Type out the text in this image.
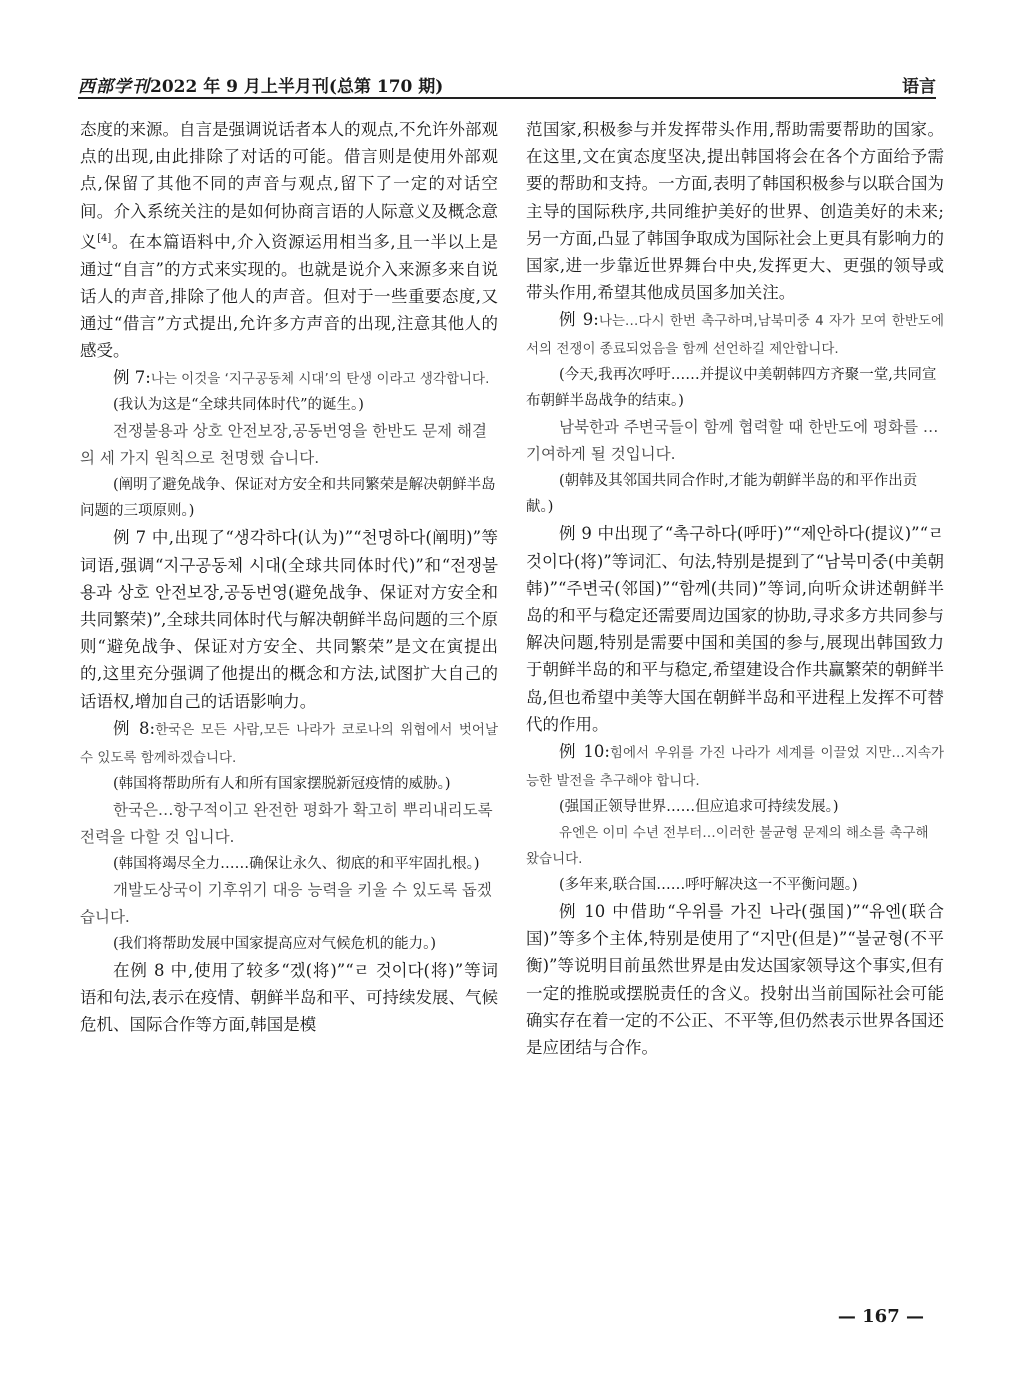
西部学刊2022 年 9 月上半月刊(总第 170 期)	语言

态度的来源。自言是强调说话者本人的观点,不允许外部观点的出现,由此排除了对话的可能。借言则是使用外部观点,保留了其他不同的声音与观点,留下了一定的对话空间。介入系统关注的是如何协商言语的人际意义及概念意义[4]。在本篇语料中,介入资源运用相当多,且一半以上是通过“自言”的方式来实现的。也就是说介入来源多来自说话人的声音,排除了他人的声音。但对于一些重要态度,又通过“借言”方式提出,允许多方声音的出现,注意其他人的感受。

例 7:나는 이것을 ‘지구공동체 시대’의 탄생 이라고 생각합니다.

(我认为这是“全球共同体时代”的诞生。)

전쟁불용과 상호 안전보장,공동번영을 한반도 문제 해결의 세 가지 원칙으로 천명했 습니다.

(阐明了避免战争、保证对方安全和共同繁荣是解决朝鲜半岛问题的三项原则。)

例 7 中,出现了“생각하다(认为)”“천명하다(阐明)”等词语,强调“지구공동체 시대(全球共同体时代)”和“전쟁불용과 상호 안전보장,공동번영(避免战争、保证对方安全和共同繁荣)”,全球共同体时代与解决朝鲜半岛问题的三个原则“避免战争、保证对方安全、共同繁荣”是文在寅提出的,这里充分强调了他提出的概念和方法,试图扩大自己的话语权,增加自己的话语影响力。

例 8:한국은 모든 사람,모든 나라가 코로나의 위협에서 벗어날 수 있도록 함께하겠습니다.

(韩国将帮助所有人和所有国家摆脱新冠疫情的威胁。)

한국은…항구적이고 완전한 평화가 확고히 뿌리내리도록 전력을 다할 것 입니다.

(韩国将竭尽全力……确保让永久、彻底的和平牢固扎根。)

개발도상국이 기후위기 대응 능력을 키울 수 있도록 돕겠습니다.

(我们将帮助发展中国家提高应对气候危机的能力。)

在例 8 中,使用了较多“겠(将)”“ㄹ 것이다(将)”等词语和句法,表示在疫情、朝鲜半岛和平、可持续发展、气候危机、国际合作等方面,韩国是模

范国家,积极参与并发挥带头作用,帮助需要帮助的国家。在这里,文在寅态度坚决,提出韩国将会在各个方面给予需要的帮助和支持。一方面,表明了韩国积极参与以联合国为主导的国际秩序,共同维护美好的世界、创造美好的未来;另一方面,凸显了韩国争取成为国际社会上更具有影响力的国家,进一步靠近世界舞台中央,发挥更大、更强的领导或带头作用,希望其他成员国多加关注。

例 9:나는…다시 한번 촉구하며,남북미중 4 자가 모여 한반도에서의 전쟁이 종료되었음을 함께 선언하길 제안합니다.

(今天,我再次呼吁……并提议中美朝韩四方齐聚一堂,共同宣布朝鲜半岛战争的结束。)

남북한과 주변국들이 함께 협력할 때 한반도에 평화를 …기여하게 될 것입니다.

(朝韩及其邻国共同合作时,才能为朝鲜半岛的和平作出贡献。)

例 9 中出现了“촉구하다(呼吁)”“제안하다(提议)”“ㄹ 것이다(将)”等词汇、句法,特别是提到了“남북미중(中美朝韩)”“주변국(邻国)”“함께(共同)”等词,向听众讲述朝鲜半岛的和平与稳定还需要周边国家的协助,寻求多方共同参与解决问题,特别是需要中国和美国的参与,展现出韩国致力于朝鲜半岛的和平与稳定,希望建设合作共赢繁荣的朝鲜半岛,但也希望中美等大国在朝鲜半岛和平进程上发挥不可替代的作用。

例 10:힘에서 우위를 가진 나라가 세계를 이끌었 지만…지속가능한 발전을 추구해야 합니다.

(强国正领导世界……但应追求可持续发展。)

유엔은 이미 수년 전부터…이러한 불균형 문제의 해소를 촉구해 왔습니다.

(多年来,联合国……呼吁解决这一不平衡问题。)

例 10 中借助“우위를 가진 나라(强国)”“유엔(联合国)”等多个主体,特别是使用了“지만(但是)”“불균형(不平衡)”等说明目前虽然世界是由发达国家领导这个事实,但有一定的推脱或摆脱责任的含义。投射出当前国际社会可能确实存在着一定的不公正、不平等,但仍然表示世界各国还是应团结与合作。

— 167 —
